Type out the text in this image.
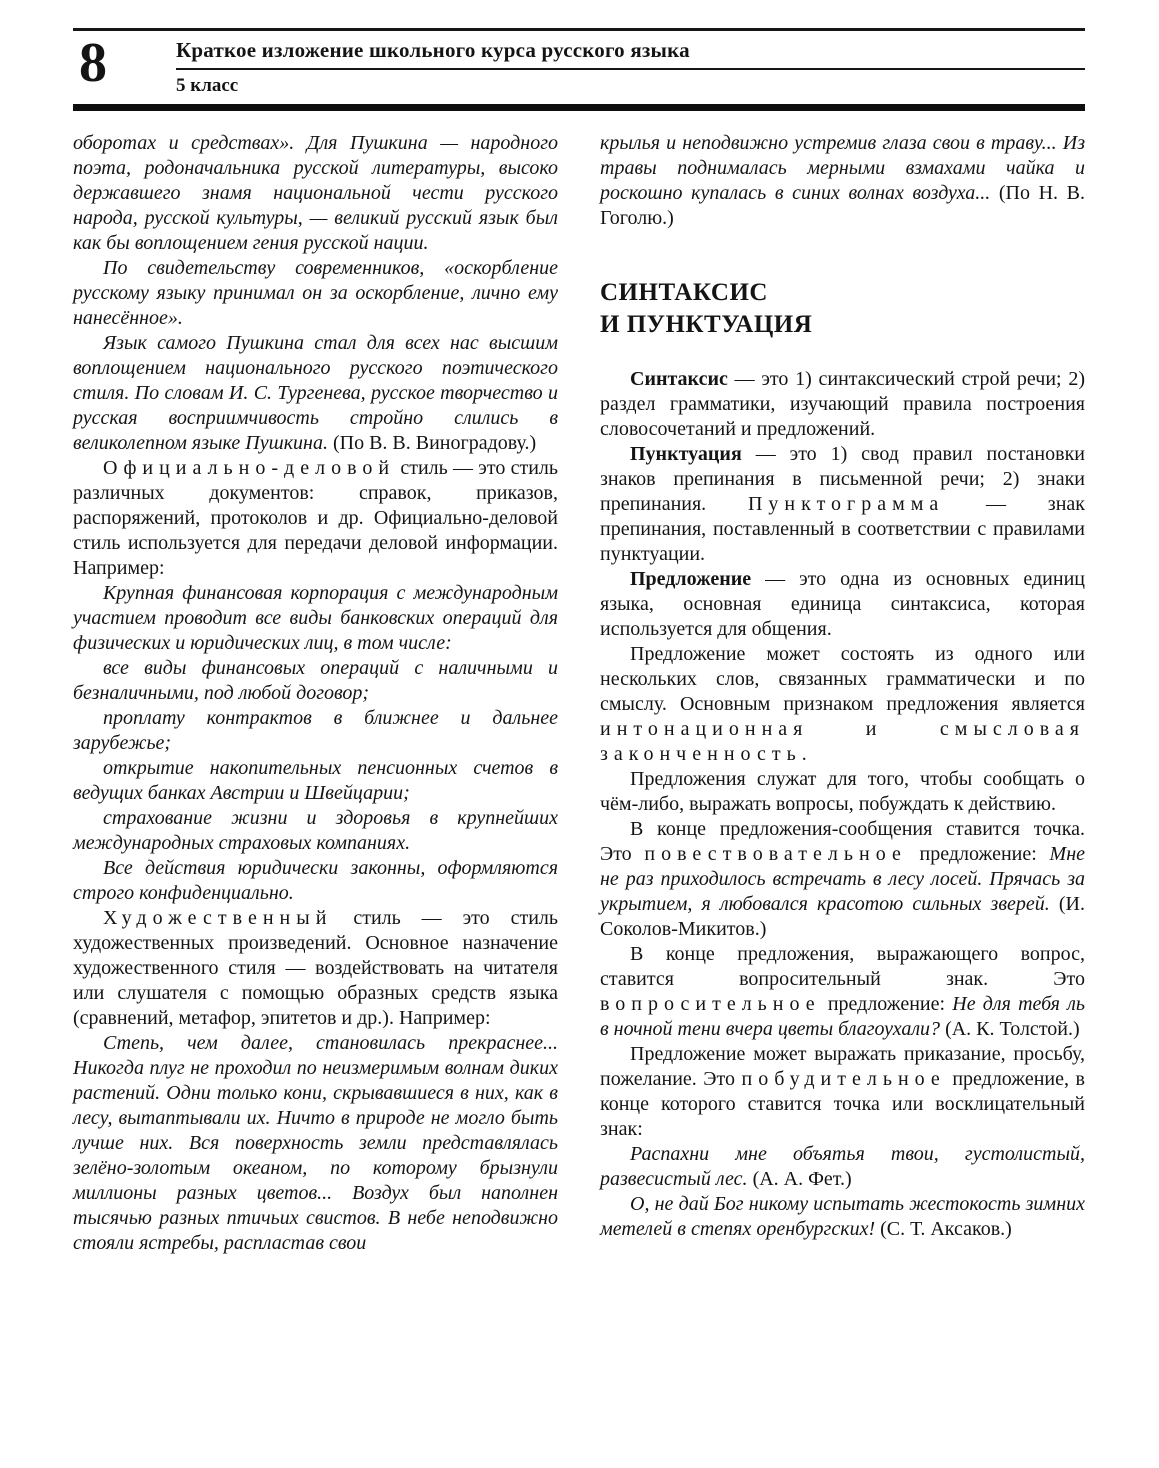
8	Краткое изложение школьного курса русского языка
5 класс

оборотах и средствах». Для Пушкина — народного поэта, родоначальника русской литературы, высоко державшего знамя национальной чести русского народа, русской культуры, — великий русский язык был как бы воплощением гения русской нации.

По свидетельству современников, «оскорбление русскому языку принимал он за оскорбление, лично ему нанесённое».

Язык самого Пушкина стал для всех нас высшим воплощением национального русского поэтического стиля. По словам И. С. Тургенева, русское творчество и русская восприимчивость стройно слились в великолепном языке Пушкина. (По В. В. Виноградову.)

Официально-деловой стиль — это стиль различных документов: справок, приказов, распоряжений, протоколов и др. Официально-деловой стиль используется для передачи деловой информации. Например:

Крупная финансовая корпорация с международным участием проводит все виды банковских операций для физических и юридических лиц, в том числе:

все виды финансовых операций с наличными и безналичными, под любой договор;

проплату контрактов в ближнее и дальнее зарубежье;

открытие накопительных пенсионных счетов в ведущих банках Австрии и Швейцарии;

страхование жизни и здоровья в крупнейших международных страховых компаниях.

Все действия юридически законны, оформляются строго конфиденциально.

Художественный стиль — это стиль художественных произведений. Основное назначение художественного стиля — воздействовать на читателя или слушателя с помощью образных средств языка (сравнений, метафор, эпитетов и др.). Например:

Степь, чем далее, становилась прекраснее... Никогда плуг не проходил по неизмеримым волнам диких растений. Одни только кони, скрывавшиеся в них, как в лесу, вытаптывали их. Ничто в природе не могло быть лучше них. Вся поверхность земли представлялась зелёно-золотым океаном, по которому брызнули миллионы разных цветов... Воздух был наполнен тысячью разных птичьих свистов. В небе неподвижно стояли ястребы, распластав свои

крылья и неподвижно устремив глаза свои в траву... Из травы поднималась мерными взмахами чайка и роскошно купалась в синих волнах воздуха... (По Н. В. Гоголю.)

СИНТАКСИС
И ПУНКТУАЦИЯ

Синтаксис — это 1) синтаксический строй речи; 2) раздел грамматики, изучающий правила построения словосочетаний и предложений.

Пунктуация — это 1) свод правил постановки знаков препинания в письменной речи; 2) знаки препинания. Пунктограмма — знак препинания, поставленный в соответствии с правилами пунктуации.

Предложение — это одна из основных единиц языка, основная единица синтаксиса, которая используется для общения.

Предложение может состоять из одного или нескольких слов, связанных грамматически и по смыслу. Основным признаком предложения является интонационная и смысловая законченность.

Предложения служат для того, чтобы сообщать о чём-либо, выражать вопросы, побуждать к действию.

В конце предложения-сообщения ставится точка. Это повествовательное предложение: Мне не раз приходилось встречать в лесу лосей. Прячась за укрытием, я любовался красотою сильных зверей. (И. Соколов-Микитов.)

В конце предложения, выражающего вопрос, ставится вопросительный знак. Это вопросительное предложение: Не для тебя ль в ночной тени вчера цветы благоухали? (А. К. Толстой.)

Предложение может выражать приказание, просьбу, пожелание. Это побудительное предложение, в конце которого ставится точка или восклицательный знак:

Распахни мне объятья твои, густолистый, развесистый лес. (А. А. Фет.)

О, не дай Бог никому испытать жестокость зимних метелей в степях оренбургских! (С. Т. Аксаков.)
